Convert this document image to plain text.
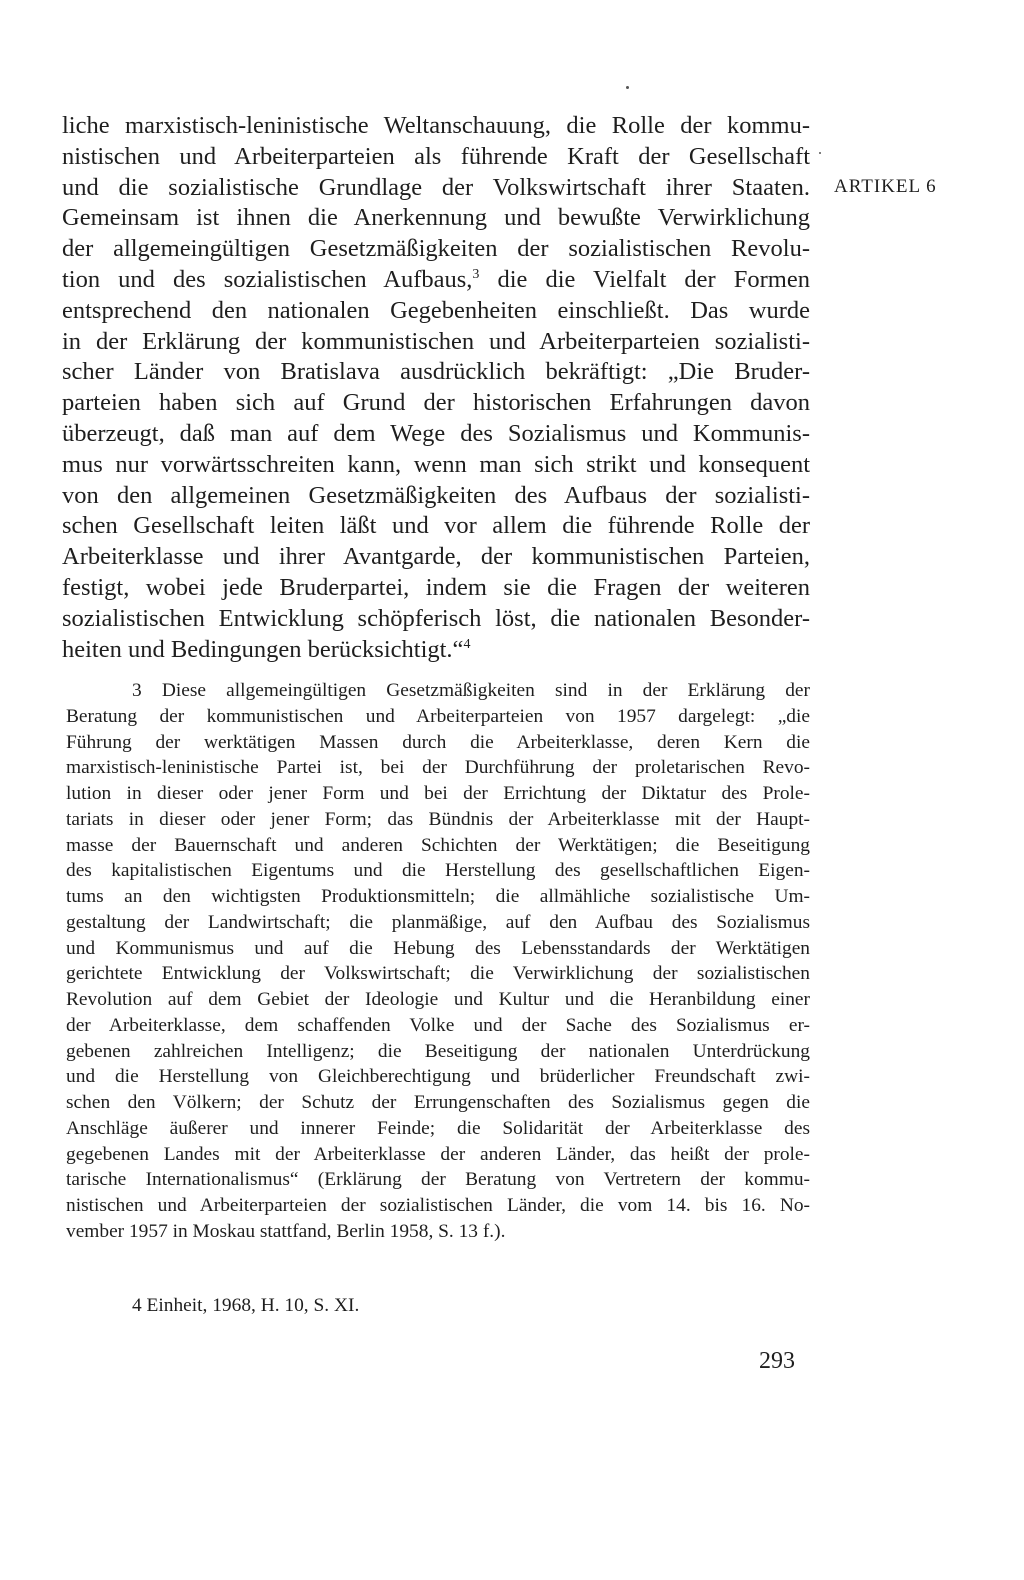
liche marxistisch-leninistische Weltanschauung, die Rolle der kommu-
nistischen und Arbeiterparteien als führende Kraft der Gesellschaft
und die sozialistische Grundlage der Volkswirtschaft ihrer Staaten.
Gemeinsam ist ihnen die Anerkennung und bewußte Verwirklichung
der allgemeingültigen Gesetzmäßigkeiten der sozialistischen Revolu-
tion und des sozialistischen Aufbaus,$^3$ die die Vielfalt der Formen
entsprechend den nationalen Gegebenheiten einschließt. Das wurde
in der Erklärung der kommunistischen und Arbeiterparteien sozialisti-
scher Länder von Bratislava ausdrücklich bekräftigt: „Die Bruder-
parteien haben sich auf Grund der historischen Erfahrungen davon
überzeugt, daß man auf dem Wege des Sozialismus und Kommunis-
mus nur vorwärtsschreiten kann, wenn man sich strikt und konsequent
von den allgemeinen Gesetzmäßigkeiten des Aufbaus der sozialisti-
schen Gesellschaft leiten läßt und vor allem die führende Rolle der
Arbeiterklasse und ihrer Avantgarde, der kommunistischen Parteien,
festigt, wobei jede Bruderpartei, indem sie die Fragen der weiteren
sozialistischen Entwicklung schöpferisch löst, die nationalen Besonder-
heiten und Bedingungen berücksichtigt.“$^4$
ARTIKEL 6
3 Diese allgemeingültigen Gesetzmäßigkeiten sind in der Erklärung der
Beratung der kommunistischen und Arbeiterparteien von 1957 dargelegt: „die
Führung der werktätigen Massen durch die Arbeiterklasse, deren Kern die
marxistisch-leninistische Partei ist, bei der Durchführung der proletarischen Revo-
lution in dieser oder jener Form und bei der Errichtung der Diktatur des Prole-
tariats in dieser oder jener Form; das Bündnis der Arbeiterklasse mit der Haupt-
masse der Bauernschaft und anderen Schichten der Werktätigen; die Beseitigung
des kapitalistischen Eigentums und die Herstellung des gesellschaftlichen Eigen-
tums an den wichtigsten Produktionsmitteln; die allmähliche sozialistische Um-
gestaltung der Landwirtschaft; die planmäßige, auf den Aufbau des Sozialismus
und Kommunismus und auf die Hebung des Lebensstandards der Werktätigen
gerichtete Entwicklung der Volkswirtschaft; die Verwirklichung der sozialistischen
Revolution auf dem Gebiet der Ideologie und Kultur und die Heranbildung einer
der Arbeiterklasse, dem schaffenden Volke und der Sache des Sozialismus er-
gebenen zahlreichen Intelligenz; die Beseitigung der nationalen Unterdrückung
und die Herstellung von Gleichberechtigung und brüderlicher Freundschaft zwi-
schen den Völkern; der Schutz der Errungenschaften des Sozialismus gegen die
Anschläge äußerer und innerer Feinde; die Solidarität der Arbeiterklasse des
gegebenen Landes mit der Arbeiterklasse der anderen Länder, das heißt der prole-
tarische Internationalismus“ (Erklärung der Beratung von Vertretern der kommu-
nistischen und Arbeiterparteien der sozialistischen Länder, die vom 14. bis 16. No-
vember 1957 in Moskau stattfand, Berlin 1958, S. 13 f.).
4 Einheit, 1968, H. 10, S. XI.
293
